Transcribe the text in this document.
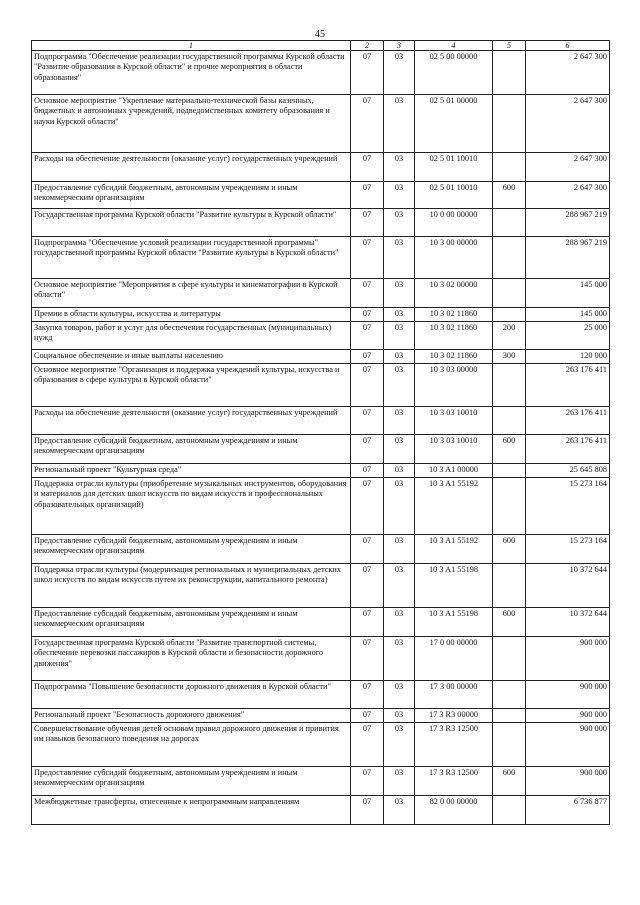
45
1	2	3	4	5	6
Подпрограмма "Обеспечение реализации государственной программы Курской области "Развитие образования в Курской области" и прочие мероприятия в области образования"	07	03	02 5 00 00000		2 647 300
Основное мероприятие "Укрепление материально-технической базы казенных, бюджетных и автономных учреждений, подведомственных комитету образования и науки Курской области"	07	03	02 5 01 00000		2 647 300
Расходы на обеспечение деятельности (оказание услуг) государственных учреждений	07	03	02 5 01 10010		2 647 300
Предоставление субсидий бюджетным, автономным учреждениям и иным некоммерческим организациям	07	03	02 5 01 10010	600	2 647 300
Государственная программа Курской области "Развитие культуры в Курской области"	07	03	10 0 00 00000		288 967 219
Подпрограмма "Обеспечение условий реализации государственной программы" государственной программы Курской области "Развитие культуры в Курской области"	07	03	10 3 00 00000		288 967 219
Основное мероприятие "Мероприятия в сфере культуры и кинематографии в Курской области"	07	03	10 3 02 00000		145 000
Премии в области культуры, искусства и литературы	07	03	10 3 02 11860		145 000
Закупка товаров, работ и услуг для обеспечения государственных (муниципальных) нужд	07	03	10 3 02 11860	200	25 000
Социальное обеспечение и иные выплаты населению	07	03	10 3 02 11860	300	120 000
Основное мероприятие "Организация и поддержка учреждений культуры, искусства и образования в сфере культуры в Курской области"	07	03	10 3 03 00000		263 176 411
Расходы на обеспечение деятельности (оказание услуг) государственных учреждений	07	03	10 3 03 10010		263 176 411
Предоставление субсидий бюджетным, автономным учреждениям и иным некоммерческим организациям	07	03	10 3 03 10010	600	263 176 411
Региональный проект "Культурная среда"	07	03	10 3 A1 00000		25 645 808
Поддержка отрасли культуры (приобретение музыкальных инструментов, оборудования и материалов для детских школ искусств по видам искусств и профессиональных образовательных организаций)	07	03	10 3 A1 55192		15 273 164
Предоставление субсидий бюджетным, автономным учреждениям и иным некоммерческим организациям	07	03	10 3 A1 55192	600	15 273 164
Поддержка отрасли культуры (модернизация региональных и муниципальных детских школ искусств по видам искусств путем их реконструкции, капитального ремонта)	07	03	10 3 A1 55198		10 372 644
Предоставление субсидий бюджетным, автономным учреждениям и иным некоммерческим организациям	07	03	10 3 A1 55198	600	10 372 644
Государственная программа Курской области "Развитие транспортной системы, обеспечение перевозки пассажиров в Курской области и безопасности дорожного движения"	07	03	17 0 00 00000		900 000
Подпрограмма "Повышение безопасности дорожного движения в Курской области"	07	03	17 3 00 00000		900 000
Региональный проект "Безопасность дорожного движения"	07	03	17 3 R3 00000		900 000
Совершенствование обучения детей основам правил дорожного движения и привития им навыков безопасного поведения на дорогах	07	03	17 3 R3 12500		900 000
Предоставление субсидий бюджетным, автономным учреждениям и иным некоммерческим организациям	07	03	17 3 R3 12500	600	900 000
Межбюджетные трансферты, отнесенные к непрограммным направлениям	07	03	82 0 00 00000		6 736 877
